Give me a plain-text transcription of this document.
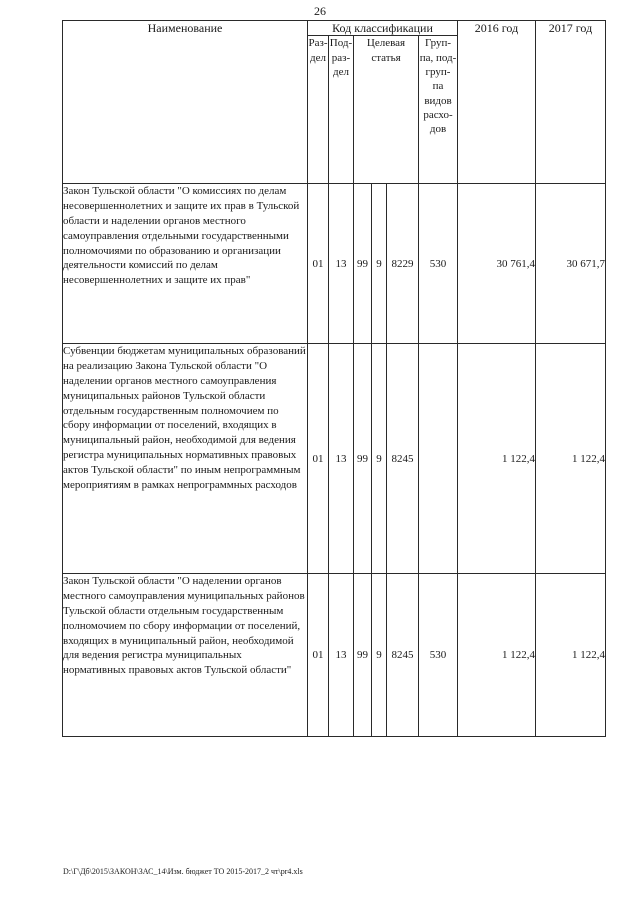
26
Наименование	Код классификации						2016 год	2017 год
	Раз- дел	Под- раз- дел	Целевая статья			Груп- па, под- груп- па видов расхо- дов		
Закон Тульской области "О комиссиях по делам несовершеннолетних и защите их прав в Тульской области и наделении органов местного самоуправления отдельными государственными полномочиями по образованию и организации деятельности комиссий по делам несовершеннолетних и защите их прав"	01	13	99	9	8229	530	30 761,4	30 671,7
Субвенции бюджетам муниципальных образований на реализацию Закона Тульской области "О наделении органов местного самоуправления муниципальных районов Тульской области отдельным государственным полномочием по сбору информации от поселений, входящих в муниципальный район, необходимой для ведения регистра муниципальных нормативных правовых актов Тульской области" по иным непрограммным мероприятиям в рамках непрограммных расходов	01	13	99	9	8245		1 122,4	1 122,4
Закон Тульской области "О наделении органов местного самоуправления муниципальных районов Тульской области отдельным государственным полномочием по сбору информации от поселений, входящих в муниципальный район, необходимой для ведения регистра муниципальных нормативных правовых актов Тульской области"	01	13	99	9	8245	530	1 122,4	1 122,4
D:\Г\Дб\2015\ЗАКОН\ЗАС_14\Изм. бюджет ТО 2015-2017_2 чт\pr4.xls
